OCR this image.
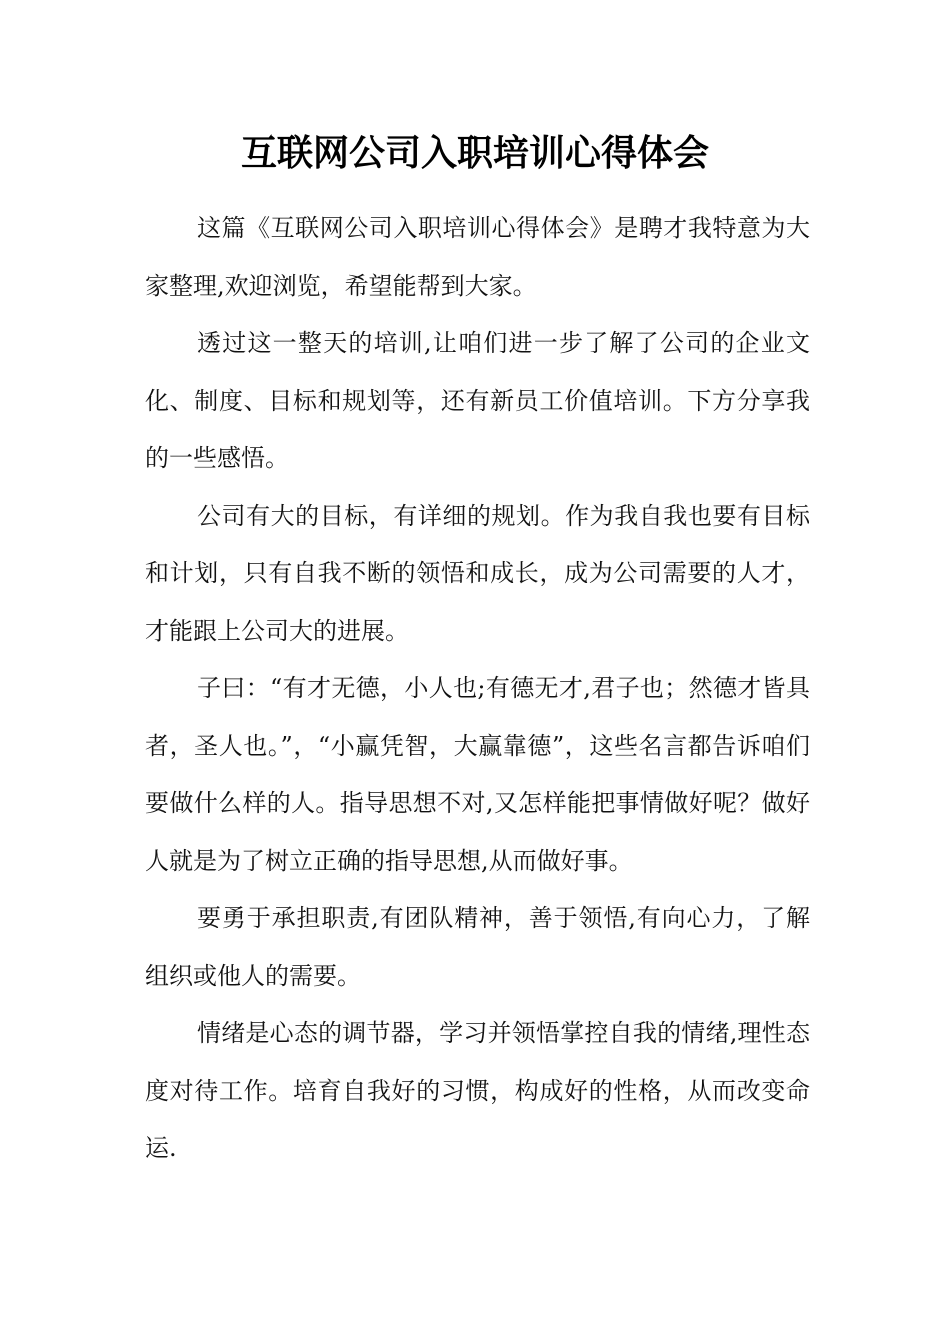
互联网公司入职培训心得体会

这篇《互联网公司入职培训心得体会》是聘才我特意为大家整理,欢迎浏览，希望能帮到大家。

透过这一整天的培训,让咱们进一步了解了公司的企业文化、制度、目标和规划等，还有新员工价值培训。下方分享我的一些感悟。

公司有大的目标，有详细的规划。作为我自我也要有目标和计划，只有自我不断的领悟和成长，成为公司需要的人才，才能跟上公司大的进展。

子曰：“有才无德，小人也;有德无才,君子也；然德才皆具者，圣人也。”，“小赢凭智，大赢靠德”，这些名言都告诉咱们要做什么样的人。指导思想不对,又怎样能把事情做好呢？做好人就是为了树立正确的指导思想,从而做好事。

要勇于承担职责,有团队精神，善于领悟,有向心力，了解组织或他人的需要。

情绪是心态的调节器，学习并领悟掌控自我的情绪,理性态度对待工作。培育自我好的习惯，构成好的性格，从而改变命运.
